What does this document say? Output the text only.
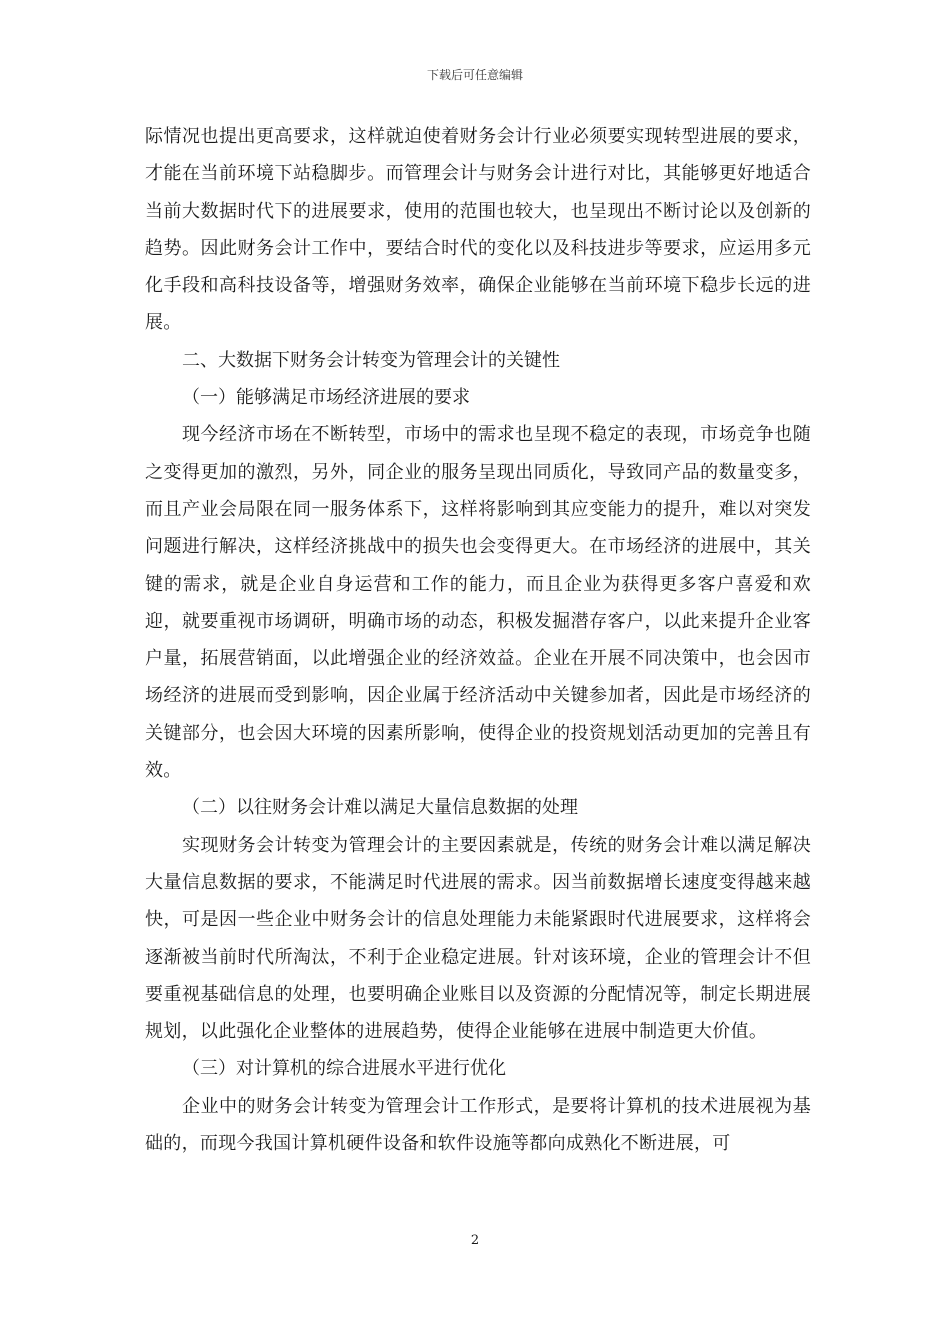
下载后可任意编辑

际情况也提出更高要求，这样就迫使着财务会计行业必须要实现转型进展的要求，才能在当前环境下站稳脚步。而管理会计与财务会计进行对比，其能够更好地适合当前大数据时代下的进展要求，使用的范围也较大，也呈现出不断讨论以及创新的趋势。因此财务会计工作中，要结合时代的变化以及科技进步等要求，应运用多元化手段和高科技设备等，增强财务效率，确保企业能够在当前环境下稳步长远的进展。

二、大数据下财务会计转变为管理会计的关键性

（一）能够满足市场经济进展的要求

现今经济市场在不断转型，市场中的需求也呈现不稳定的表现，市场竞争也随之变得更加的激烈，另外，同企业的服务呈现出同质化，导致同产品的数量变多，而且产业会局限在同一服务体系下，这样将影响到其应变能力的提升，难以对突发问题进行解决，这样经济挑战中的损失也会变得更大。在市场经济的进展中，其关键的需求，就是企业自身运营和工作的能力，而且企业为获得更多客户喜爱和欢迎，就要重视市场调研，明确市场的动态，积极发掘潜存客户，以此来提升企业客户量，拓展营销面，以此增强企业的经济效益。企业在开展不同决策中，也会因市场经济的进展而受到影响，因企业属于经济活动中关键参加者，因此是市场经济的关键部分，也会因大环境的因素所影响，使得企业的投资规划活动更加的完善且有效。

（二）以往财务会计难以满足大量信息数据的处理

实现财务会计转变为管理会计的主要因素就是，传统的财务会计难以满足解决大量信息数据的要求，不能满足时代进展的需求。因当前数据增长速度变得越来越快，可是因一些企业中财务会计的信息处理能力未能紧跟时代进展要求，这样将会逐渐被当前时代所淘汰，不利于企业稳定进展。针对该环境，企业的管理会计不但要重视基础信息的处理，也要明确企业账目以及资源的分配情况等，制定长期进展规划，以此强化企业整体的进展趋势，使得企业能够在进展中制造更大价值。

（三）对计算机的综合进展水平进行优化

企业中的财务会计转变为管理会计工作形式，是要将计算机的技术进展视为基础的，而现今我国计算机硬件设备和软件设施等都向成熟化不断进展，可

2
